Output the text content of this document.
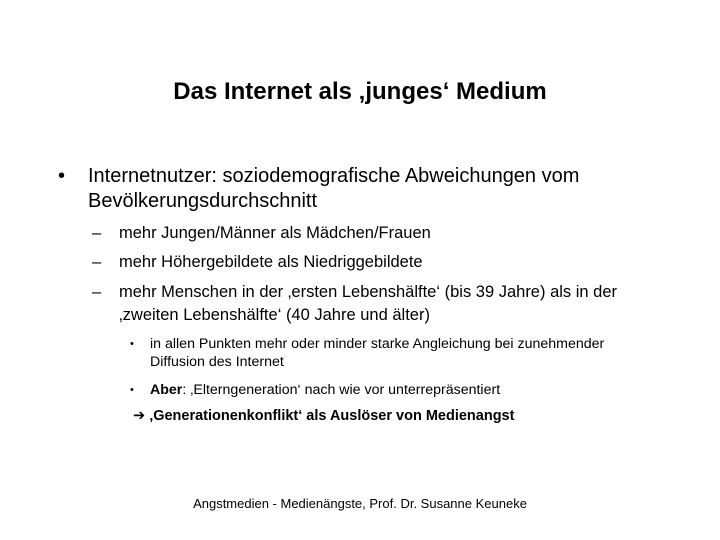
Das Internet als ‚junges‘ Medium
• Internetnutzer: soziodemografische Abweichungen vom Bevölkerungsdurchschnitt
– mehr Jungen/Männer als Mädchen/Frauen
– mehr Höhergebildete als Niedriggebildete
– mehr Menschen in der ‚ersten Lebenshälfte‘ (bis 39 Jahre) als in der ‚zweiten Lebenshälfte‘ (40 Jahre und älter)
• in allen Punkten mehr oder minder starke Angleichung bei zunehmender Diffusion des Internet
• Aber: ‚Elterngeneration‘ nach wie vor unterrepräsentiert
➔ ‚Generationenkonflikt‘ als Auslöser von Medienangst
Angstmedien - Medienängste, Prof. Dr. Susanne Keuneke
